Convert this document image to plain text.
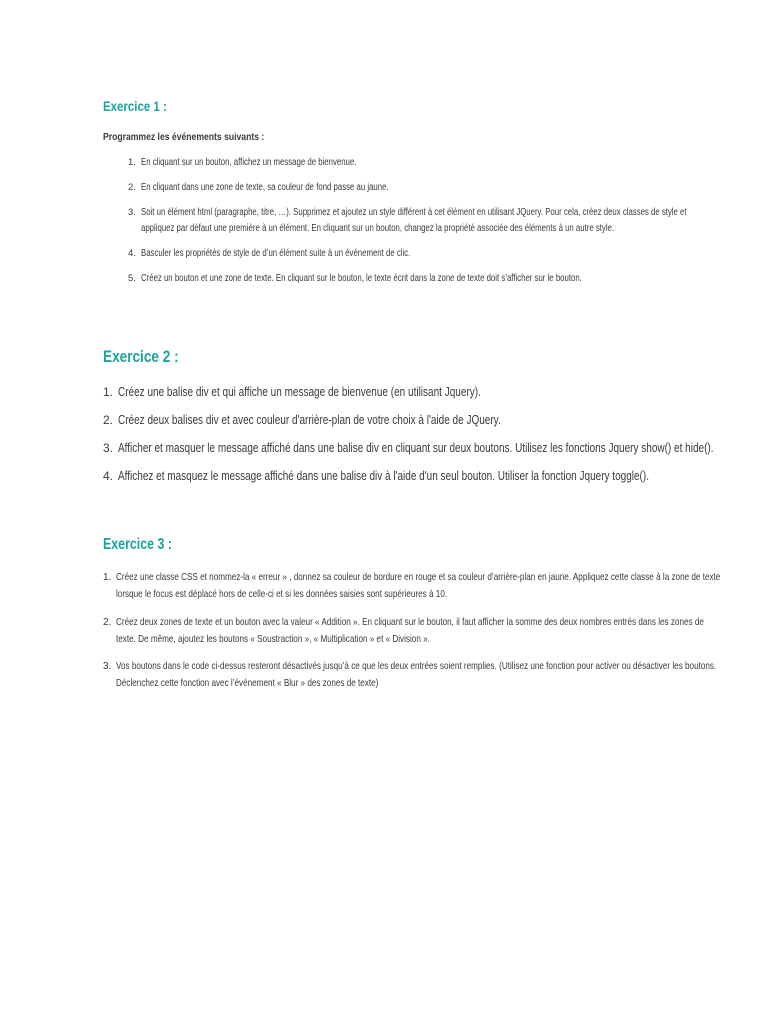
Exercice 1 :

Programmez les événements suivants :

1. En cliquant sur un bouton, affichez un message de bienvenue.
2. En cliquant dans une zone de texte, sa couleur de fond passe au jaune.
3. Soit un élément html (paragraphe, titre, …). Supprimez et ajoutez un style différent à cet élément en utilisant JQuery. Pour cela, créez deux classes de style et
appliquez par défaut une première à un élément. En cliquant sur un bouton, changez la propriété associée des éléments à un autre style.
4. Basculer les propriétés de style de d’un élément suite à un événement de clic.
5. Créez un bouton et une zone de texte. En cliquant sur le bouton, le texte écrit dans la zone de texte doit s’afficher sur le bouton.
Exercice 2 :
1. Créez une balise div et qui affiche un message de bienvenue (en utilisant Jquery).
2. Créez deux balises div et avec couleur d'arrière-plan de votre choix à l'aide de JQuery.
3. Afficher et masquer le message affiché dans une balise div en cliquant sur deux boutons. Utilisez les fonctions Jquery show() et hide().
4. Affichez et masquez le message affiché dans une balise div à l'aide d'un seul bouton. Utiliser la fonction Jquery toggle().
Exercice 3 :
1. Créez une classe CSS et nommez-la « erreur » , donnez sa couleur de bordure en rouge et sa couleur d’arrière-plan en jaune. Appliquez cette classe à la zone de texte
lorsque le focus est déplacé hors de celle-ci et si les données saisies sont supérieures à 10.
2. Créez deux zones de texte et un bouton avec la valeur « Addition ». En cliquant sur le bouton, il faut afficher la somme des deux nombres entrés dans les zones de
texte. De même, ajoutez les boutons « Soustraction », « Multiplication » et « Division ».
3. Vos boutons dans le code ci-dessus resteront désactivés jusqu’à ce que les deux entrées soient remplies. (Utilisez une fonction pour activer ou désactiver les boutons.
Déclenchez cette fonction avec l’événement « Blur » des zones de texte)
